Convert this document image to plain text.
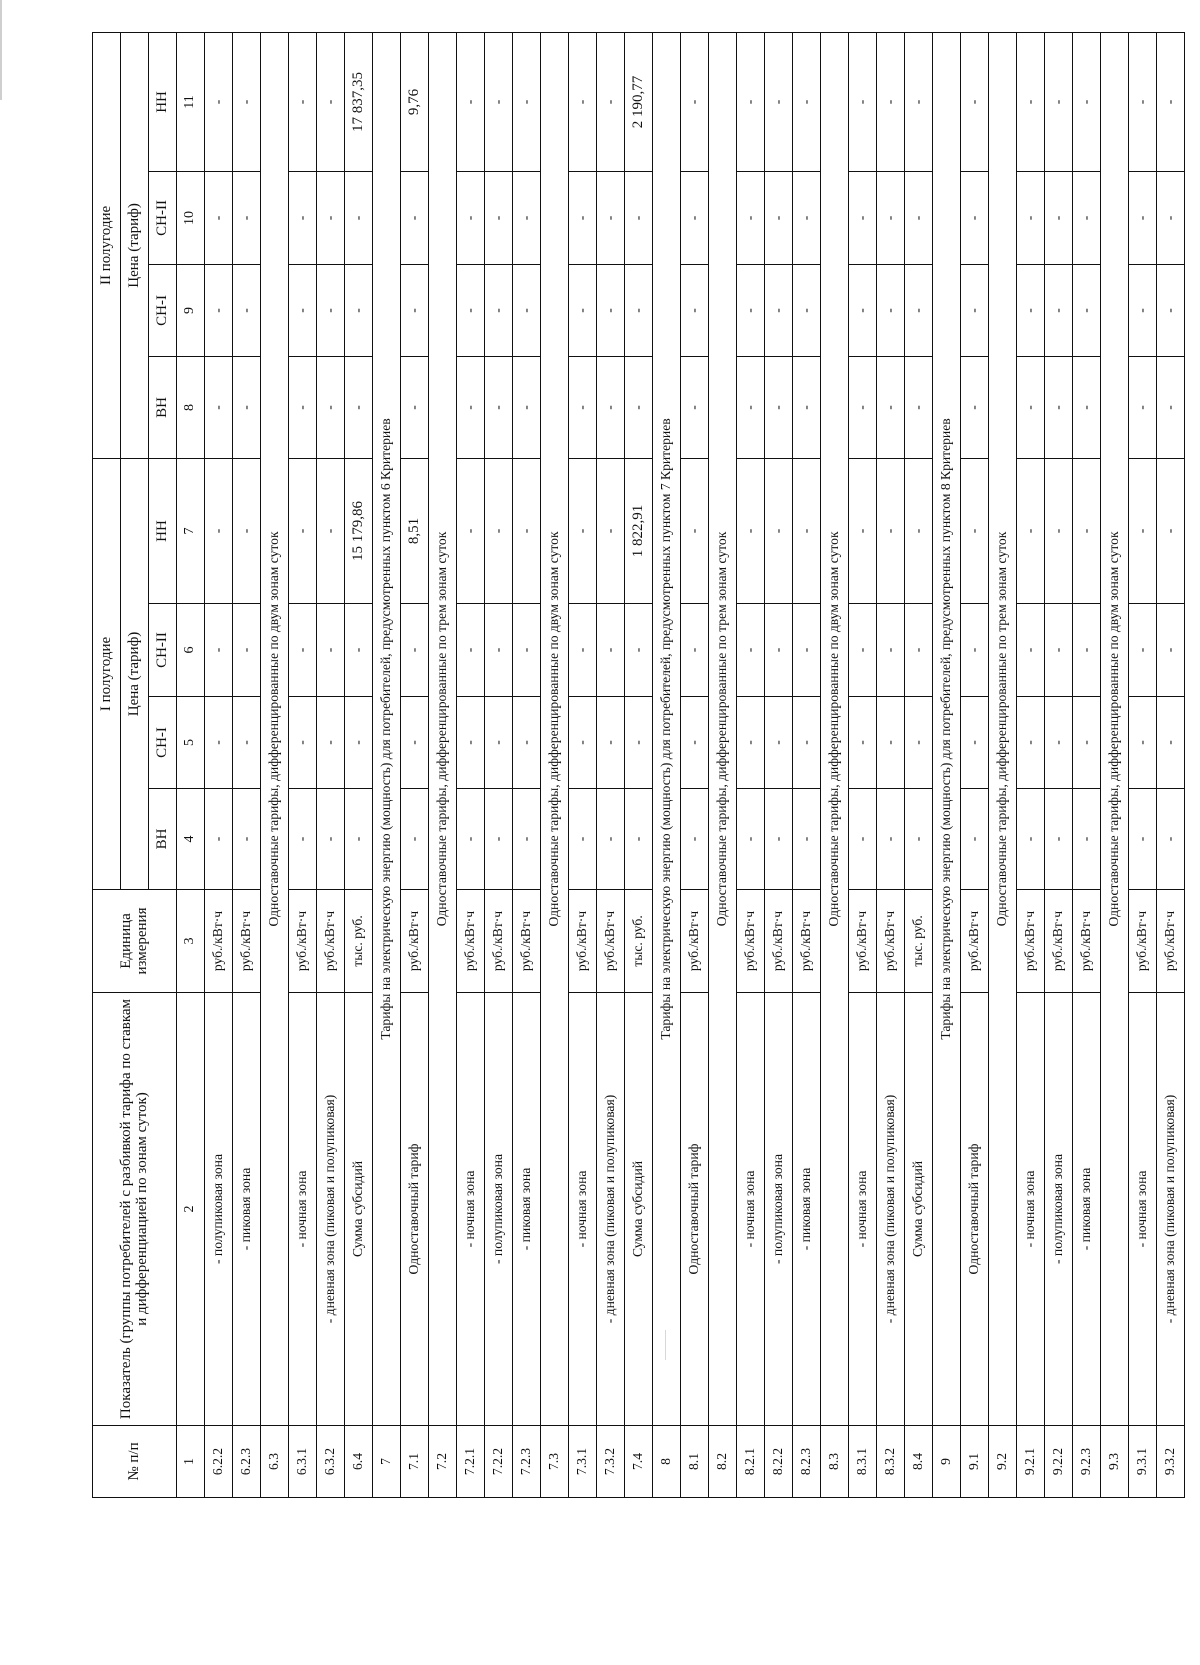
№ п/п	Показатель (группы потребителей с разбивкой тарифа по ставкам и дифференциацией по зонам суток)	Единица измерения	I полугодие				II полугодие			
			Цена (тариф)				Цена (тариф)			
			ВН	СН-I	СН-II	НН	ВН	СН-I	СН-II	НН
1	2	3	4	5	6	7	8	9	10	11
6.2.2	- полупиковая зона	руб./кВт·ч	-	-	-	-	-	-	-	-
6.2.3	- пиковая зона	руб./кВт·ч	-	-	-	-	-	-	-	-
6.3	Одноставочные тарифы, дифференцированные по двум зонам суток									
6.3.1	- ночная зона	руб./кВт·ч	-	-	-	-	-	-	-	-
6.3.2	- дневная зона (пиковая и полупиковая)	руб./кВт·ч	-	-	-	-	-	-	-	-
6.4	Сумма субсидий	тыс. руб.	-	-	-	15 179,86	-	-	-	17 837,35
7	Тарифы на электрическую энергию (мощность) для потребителей, предусмотренных пунктом 6 Критериев									
7.1	Одноставочный тариф	руб./кВт·ч	-	-	-	8,51	-	-	-	9,76
7.2	Одноставочные тарифы, дифференцированные по трем зонам суток									
7.2.1	- ночная зона	руб./кВт·ч	-	-	-	-	-	-	-	-
7.2.2	- полупиковая зона	руб./кВт·ч	-	-	-	-	-	-	-	-
7.2.3	- пиковая зона	руб./кВт·ч	-	-	-	-	-	-	-	-
7.3	Одноставочные тарифы, дифференцированные по двум зонам суток									
7.3.1	- ночная зона	руб./кВт·ч	-	-	-	-	-	-	-	-
7.3.2	- дневная зона (пиковая и полупиковая)	руб./кВт·ч	-	-	-	-	-	-	-	-
7.4	Сумма субсидий	тыс. руб.	-	-	-	1 822,91	-	-	-	2 190,77
8	Тарифы на электрическую энергию (мощность) для потребителей, предусмотренных пунктом 7 Критериев									
8.1	Одноставочный тариф	руб./кВт·ч	-	-	-	-	-	-	-	-
8.2	Одноставочные тарифы, дифференцированные по трем зонам суток									
8.2.1	- ночная зона	руб./кВт·ч	-	-	-	-	-	-	-	-
8.2.2	- полупиковая зона	руб./кВт·ч	-	-	-	-	-	-	-	-
8.2.3	- пиковая зона	руб./кВт·ч	-	-	-	-	-	-	-	-
8.3	Одноставочные тарифы, дифференцированные по двум зонам суток									
8.3.1	- ночная зона	руб./кВт·ч	-	-	-	-	-	-	-	-
8.3.2	- дневная зона (пиковая и полупиковая)	руб./кВт·ч	-	-	-	-	-	-	-	-
8.4	Сумма субсидий	тыс. руб.	-	-	-	-	-	-	-	-
9	Тарифы на электрическую энергию (мощность) для потребителей, предусмотренных пунктом 8 Критериев									
9.1	Одноставочный тариф	руб./кВт·ч	-	-	-	-	-	-	-	-
9.2	Одноставочные тарифы, дифференцированные по трем зонам суток									
9.2.1	- ночная зона	руб./кВт·ч	-	-	-	-	-	-	-	-
9.2.2	- полупиковая зона	руб./кВт·ч	-	-	-	-	-	-	-	-
9.2.3	- пиковая зона	руб./кВт·ч	-	-	-	-	-	-	-	-
9.3	Одноставочные тарифы, дифференцированные по двум зонам суток									
9.3.1	- ночная зона	руб./кВт·ч	-	-	-	-	-	-	-	-
9.3.2	- дневная зона (пиковая и полупиковая)	руб./кВт·ч	-	-	-	-	-	-	-	-
